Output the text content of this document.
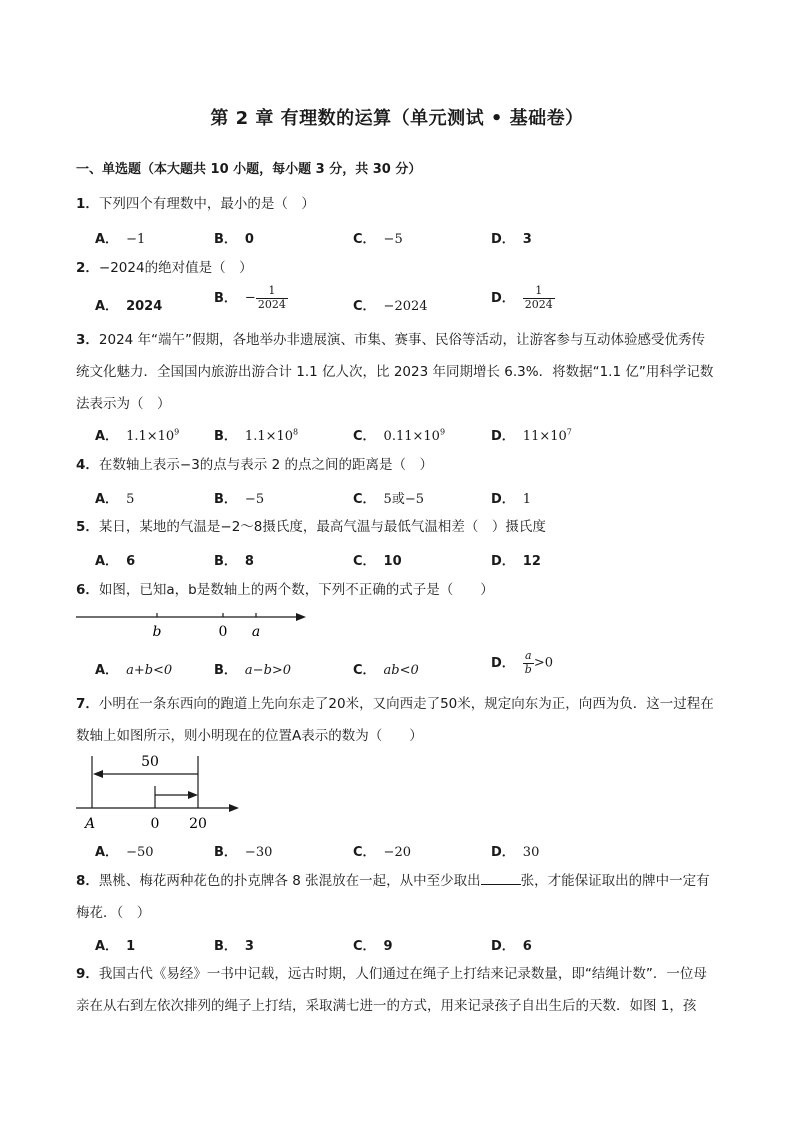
第 2 章 有理数的运算（单元测试 • 基础卷）
一、单选题（本大题共 10 小题，每小题 3 分，共 30 分）
1．下列四个有理数中，最小的是（　）
A． −1	B． 0	C． −5	D． 3
2．−2024的绝对值是（　）
A． 2024
B． − $\frac{1}{2024}$	C． −2024
D． $\frac{1}{2024}$
3．2024 年“端午”假期，各地举办非遗展演、市集、赛事、民俗等活动，让游客参与互动体验感受优秀传统文化魅力．全国国内旅游出游合计 1.1 亿人次，比 2023 年同期增长 6.3%．将数据“1.1 亿”用科学记数法表示为（　）
A． $1.1\times 10^9$	B． $1.1\times 10^8$	C． $0.11\times 10^9$	D． $11\times 10^7$
4．在数轴上表示−3的点与表示 2 的点之间的距离是（　）
A． 5	B． −5	C． 5或−5	D． 1
5．某日，某地的气温是−2～8摄氏度，最高气温与最低气温相差（　）摄氏度
A． 6	B． 8	C． 10	D． 12
6．如图，已知a，b是数轴上的两个数，下列不正确的式子是（　　）
b	0 a
A． a+b<0	B． a−b>0	C． ab<0	D． $\frac{a}{b} >0$
7．小明在一条东西向的跑道上先向东走了20米，又向西走了50米，规定向东为正，向西为负．这一过程在数轴上如图所示，则小明现在的位置A表示的数为（　　）
50
A	0 20
A． −50	B． −30	C． −20	D． 30
8．黑桃、梅花两种花色的扑克牌各 8 张混放在一起，从中至少取出	张，才能保证取出的牌中一定有梅花．（　）
A． 1	B． 3	C． 9	D． 6
9．我国古代《易经》一书中记载，远古时期，人们通过在绳子上打结来记录数量，即“结绳计数”．一位母亲在从右到左依次排列的绳子上打结，采取满七进一的方式，用来记录孩子自出生后的天数．如图 1，孩
